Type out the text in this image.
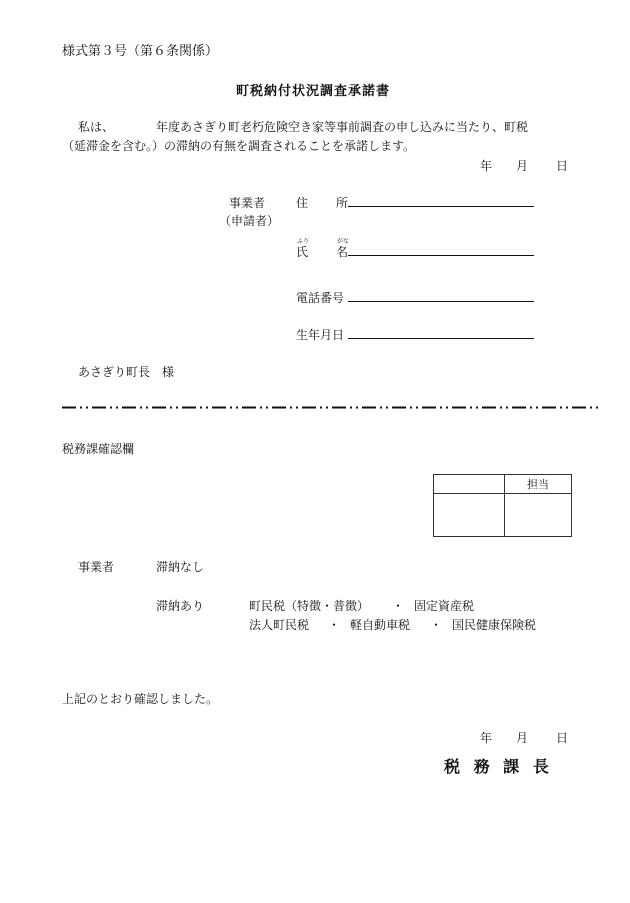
様式第３号（第６条関係）
町税納付状況調査承諾書
私は、	年度あさぎり町老朽危険空き家等事前調査の申し込みに当たり、町税
（延滞金を含む。）の滞納の有無を調査されることを承諾します。
年 月 日
事業者
（申請者）
住 所
ふり	がな
氏 名
電話番号
生年月日
あさぎり町長　様
税務課確認欄
	担当

事業者	滞納なし
滞納あり	町民税（特徴・普徴） ・ 固定資産税
法人町民税 ・ 軽自動車税 ・ 国民健康保険税
上記のとおり確認しました。
年 月 日
税 務 課 長
